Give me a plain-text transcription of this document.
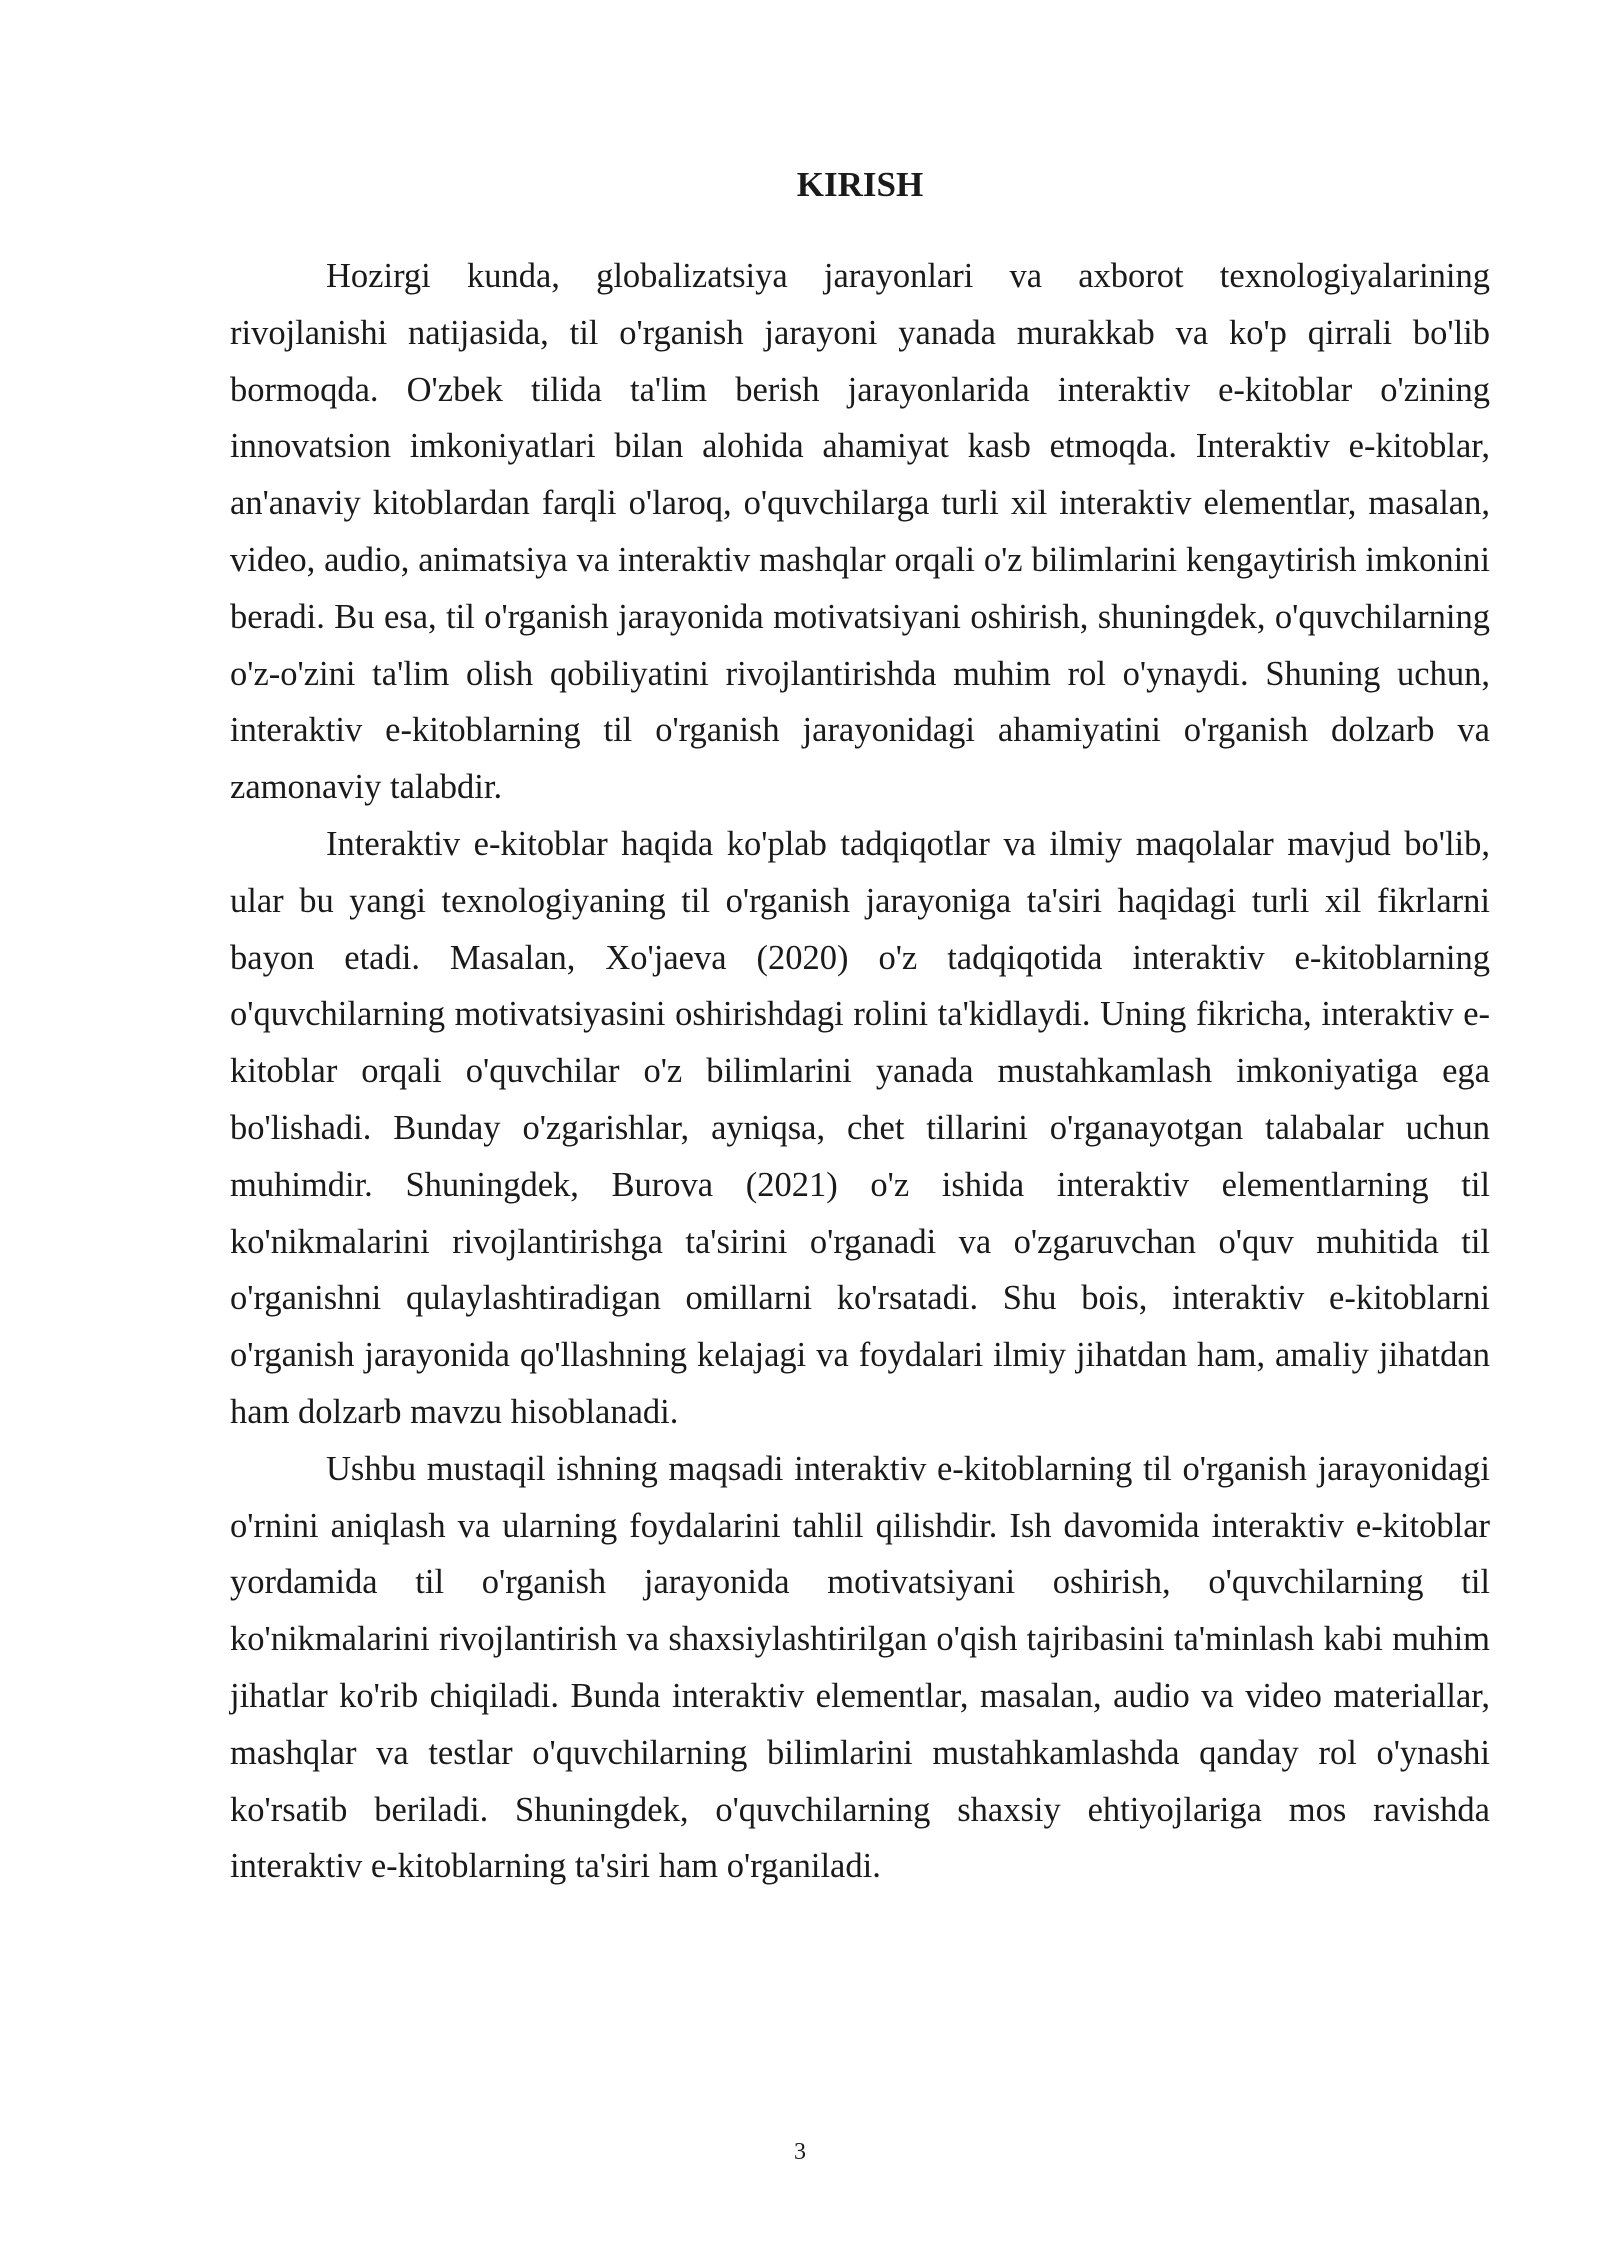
KIRISH

Hozirgi kunda, globalizatsiya jarayonlari va axborot texnologiyalarining rivojlanishi natijasida, til o'rganish jarayoni yanada murakkab va ko'p qirrali bo'lib bormoqda. O'zbek tilida ta'lim berish jarayonlarida interaktiv e-kitoblar o'zining innovatsion imkoniyatlari bilan alohida ahamiyat kasb etmoqda. Interaktiv e-kitoblar, an'anaviy kitoblardan farqli o'laroq, o'quvchilarga turli xil interaktiv elementlar, masalan, video, audio, animatsiya va interaktiv mashqlar orqali o'z bilimlarini kengaytirish imkonini beradi. Bu esa, til o'rganish jarayonida motivatsiyani oshirish, shuningdek, o'quvchilarning o'z-o'zini ta'lim olish qobiliyatini rivojlantirishda muhim rol o'ynaydi. Shuning uchun, interaktiv e-kitoblarning til o'rganish jarayonidagi ahamiyatini o'rganish dolzarb va zamonaviy talabdir.

Interaktiv e-kitoblar haqida ko'plab tadqiqotlar va ilmiy maqolalar mavjud bo'lib, ular bu yangi texnologiyaning til o'rganish jarayoniga ta'siri haqidagi turli xil fikrlarni bayon etadi. Masalan, Xo'jaeva (2020) o'z tadqiqotida interaktiv e-kitoblarning o'quvchilarning motivatsiyasini oshirishdagi rolini ta'kidlaydi. Uning fikricha, interaktiv e-kitoblar orqali o'quvchilar o'z bilimlarini yanada mustahkamlash imkoniyatiga ega bo'lishadi. Bunday o'zgarishlar, ayniqsa, chet tillarini o'rganayotgan talabalar uchun muhimdir. Shuningdek, Burova (2021) o'z ishida interaktiv elementlarning til ko'nikmalarini rivojlantirishga ta'sirini o'rganadi va o'zgaruvchan o'quv muhitida til o'rganishni qulaylashtiradigan omillarni ko'rsatadi. Shu bois, interaktiv e-kitoblarni o'rganish jarayonida qo'llashning kelajagi va foydalari ilmiy jihatdan ham, amaliy jihatdan ham dolzarb mavzu hisoblanadi.

Ushbu mustaqil ishning maqsadi interaktiv e-kitoblarning til o'rganish jarayonidagi o'rnini aniqlash va ularning foydalarini tahlil qilishdir. Ish davomida interaktiv e-kitoblar yordamida til o'rganish jarayonida motivatsiyani oshirish, o'quvchilarning til ko'nikmalarini rivojlantirish va shaxsiylashtirilgan o'qish tajribasini ta'minlash kabi muhim jihatlar ko'rib chiqiladi. Bunda interaktiv elementlar, masalan, audio va video materiallar, mashqlar va testlar o'quvchilarning bilimlarini mustahkamlashda qanday rol o'ynashi ko'rsatib beriladi. Shuningdek, o'quvchilarning shaxsiy ehtiyojlariga mos ravishda interaktiv e-kitoblarning ta'siri ham o'rganiladi.

3
